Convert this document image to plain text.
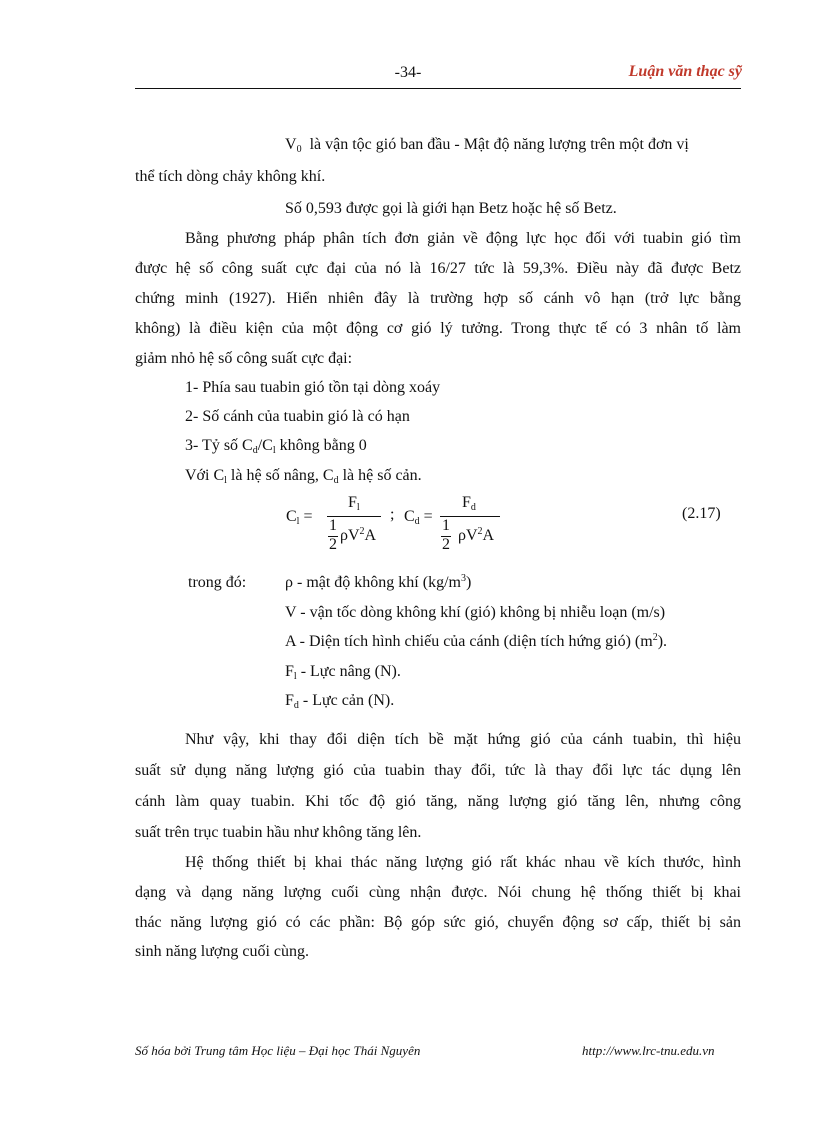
-34-	Luận văn thạc sỹ
$V_0$ là vận tộc gió ban đầu - Mật độ năng lượng trên một đơn vị
thể tích dòng chảy không khí.
Số 0,593 được gọi là giới hạn Betz hoặc hệ số Betz.
Bằng phương pháp phân tích đơn giản về động lực học đối với tuabin gió tìm
được hệ số công suất cực đại của nó là 16/27 tức là 59,3%. Điều này đã được Betz
chứng minh (1927). Hiển nhiên đây là trường hợp số cánh vô hạn (trở lực bằng
không) là điều kiện của một động cơ gió lý tưởng. Trong thực tế có 3 nhân tố làm
giảm nhỏ hệ số công suất cực đại:
1- Phía sau tuabin gió tồn tại dòng xoáy
2- Số cánh của tuabin gió là có hạn
3- Tỷ số $C_d/C_l$ không bằng 0
Với $C_l$ là hệ số nâng, $C_d$ là hệ số cản.
$C_l$ =
$F_l$
1
2
$\rho V^2A$
; $C_d$ =
$F_d$
1
2
$\rho V^2A$
(2.17)
trong đó: ρ - mật độ không khí $(kg/m^3)$
V - vận tốc dòng không khí (gió) không bị nhiễu loạn (m/s)
A - Diện tích hình chiếu của cánh (diện tích hứng gió) $(m^2)$.
$F_l$ - Lực nâng (N).
$F_d$ - Lực cản (N).
Như vậy, khi thay đổi diện tích bề mặt hứng gió của cánh tuabin, thì hiệu
suất sử dụng năng lượng gió của tuabin thay đổi, tức là thay đổi lực tác dụng lên
cánh làm quay tuabin. Khi tốc độ gió tăng, năng lượng gió tăng lên, nhưng công
suất trên trục tuabin hầu như không tăng lên.
Hệ thống thiết bị khai thác năng lượng gió rất khác nhau về kích thước, hình
dạng và dạng năng lượng cuối cùng nhận được. Nói chung hệ thống thiết bị khai
thác năng lượng gió có các phần: Bộ góp sức gió, chuyển động sơ cấp, thiết bị sản
sinh năng lượng cuối cùng.
Số hóa bởi Trung tâm Học liệu – Đại học Thái Nguyên	http://www.lrc-tnu.edu.vn
